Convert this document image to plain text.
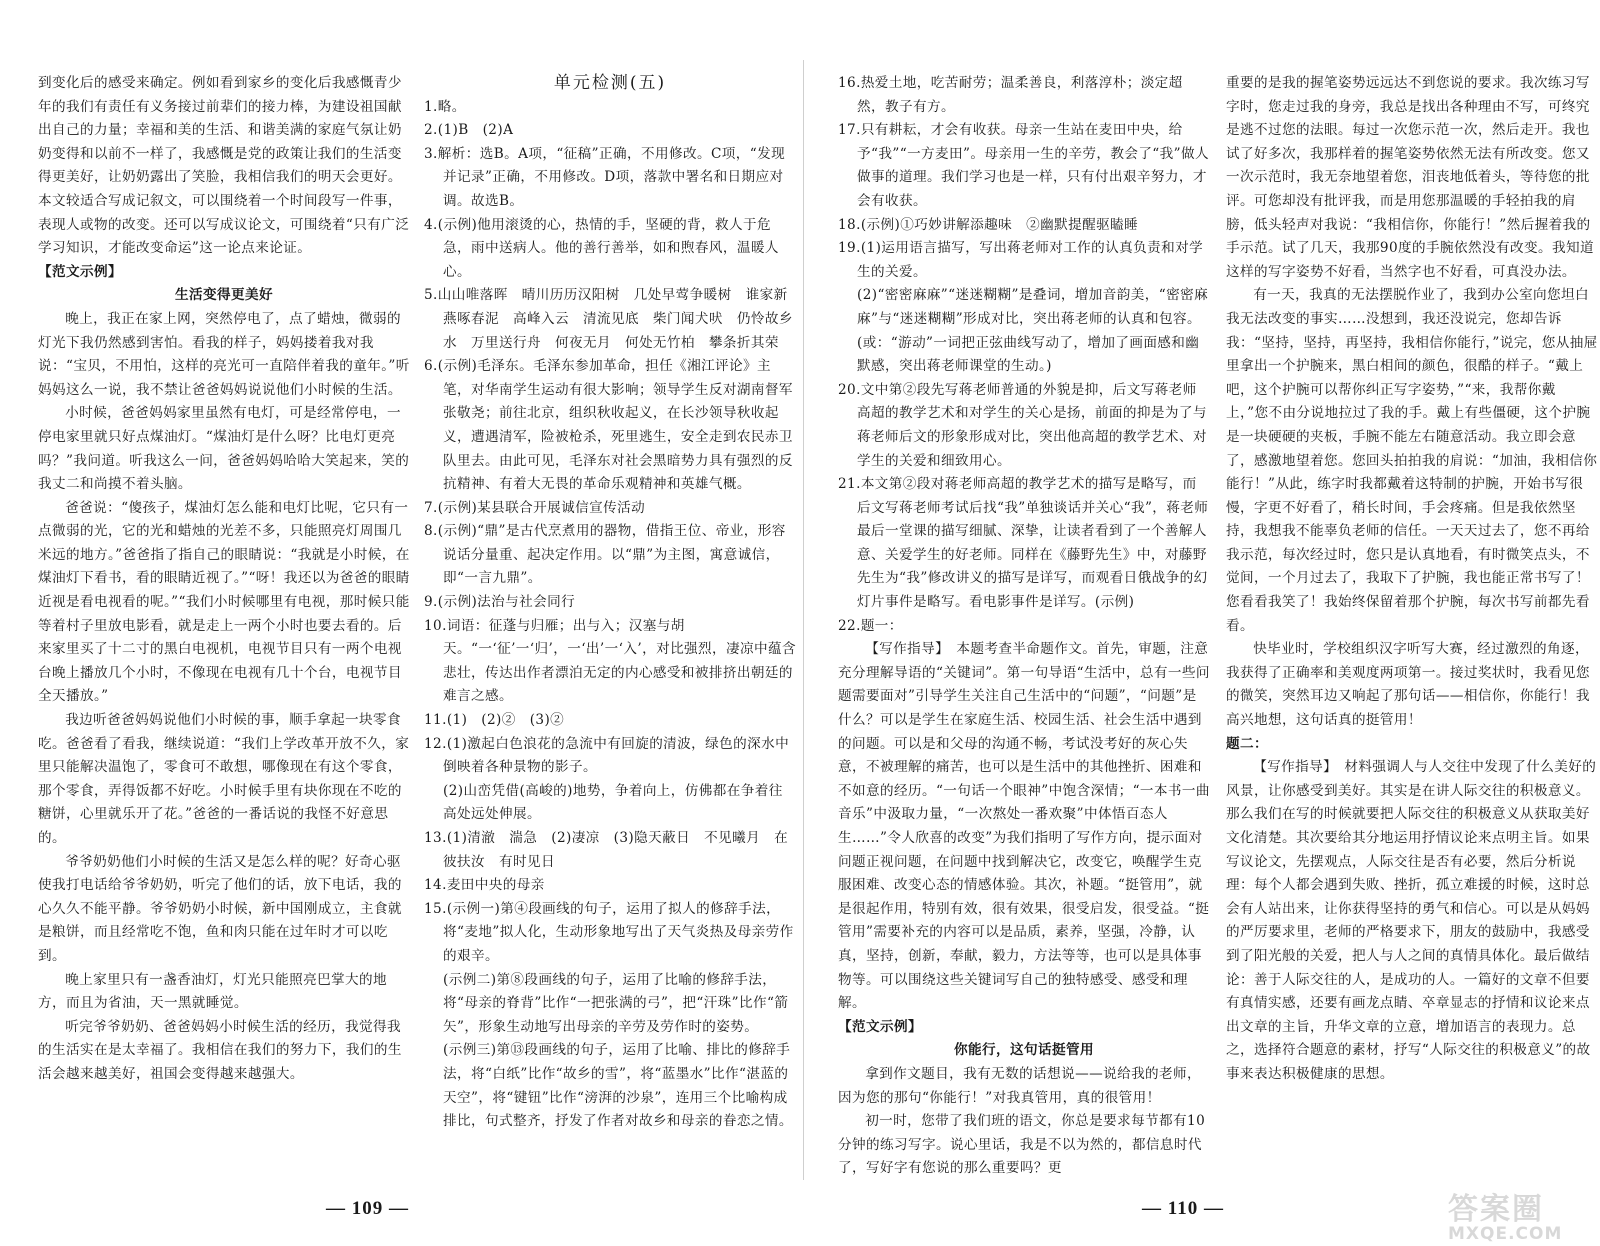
到变化后的感受来确定。例如看到家乡的变化后我感慨青少年的我们有责任有义务接过前辈们的接力棒，为建设祖国献出自己的力量；幸福和美的生活、和谐美满的家庭气氛让奶奶变得和以前不一样了，我感慨是党的政策让我们的生活变得更美好，让奶奶露出了笑脸，我相信我们的明天会更好。本文较适合写成记叙文，可以围绕着一个时间段写一件事，表现人或物的改变。还可以写成议论文，可围绕着“只有广泛学习知识，才能改变命运”这一论点来论证。

【范文示例】

生活变得更美好

晚上，我正在家上网，突然停电了，点了蜡烛，微弱的灯光下我仍然感到害怕。看我的样子，妈妈搂着我对我说：“宝贝，不用怕，这样的亮光可一直陪伴着我的童年。”听妈妈这么一说，我不禁让爸爸妈妈说说他们小时候的生活。

小时候，爸爸妈妈家里虽然有电灯，可是经常停电，一停电家里就只好点煤油灯。“煤油灯是什么呀？比电灯更亮吗？”我问道。听我这么一问，爸爸妈妈哈哈大笑起来，笑的我丈二和尚摸不着头脑。

爸爸说：“傻孩子，煤油灯怎么能和电灯比呢，它只有一点微弱的光，它的光和蜡烛的光差不多，只能照亮灯周围几米远的地方。”爸爸指了指自己的眼睛说：“我就是小时候，在煤油灯下看书，看的眼睛近视了。”“呀！我还以为爸爸的眼睛近视是看电视看的呢。”“我们小时候哪里有电视，那时候只能等着村子里放电影看，就是走上一两个小时也要去看的。后来家里买了十二寸的黑白电视机，电视节目只有一两个电视台晚上播放几个小时，不像现在电视有几十个台，电视节目全天播放。”

我边听爸爸妈妈说他们小时候的事，顺手拿起一块零食吃。爸爸看了看我，继续说道：“我们上学改革开放不久，家里只能解决温饱了，零食可不敢想，哪像现在有这个零食，那个零食，弄得饭都不好吃。小时候手里有块你现在不吃的糖饼，心里就乐开了花。”爸爸的一番话说的我怪不好意思的。

爷爷奶奶他们小时候的生活又是怎么样的呢？好奇心驱使我打电话给爷爷奶奶，听完了他们的话，放下电话，我的心久久不能平静。爷爷奶奶小时候，新中国刚成立，主食就是粮饼，而且经常吃不饱，鱼和肉只能在过年时才可以吃到。

晚上家里只有一盏香油灯，灯光只能照亮巴掌大的地方，而且为省油，天一黑就睡觉。

听完爷爷奶奶、爸爸妈妈小时候生活的经历，我觉得我的生活实在是太幸福了。我相信在我们的努力下，我们的生活会越来越美好，祖国会变得越来越强大。

单元检测(五)

1.略。

2.(1)B　(2)A

3.解析：选B。A项，“征稿”正确，不用修改。C项，“发现并记录”正确，不用修改。D项，落款中署名和日期应对调。故选B。

4.(示例)他用滚烫的心，热情的手，坚硬的背，救人于危急，雨中送病人。他的善行善举，如和煦春风，温暖人心。

5.山山唯落晖　晴川历历汉阳树　几处早莺争暖树　谁家新燕啄春泥　高峰入云　清流见底　柴门闻犬吠　仍怜故乡水　万里送行舟　何夜无月　何处无竹柏　攀条折其荣

6.(示例)毛泽东。毛泽东参加革命，担任《湘江评论》主笔，对华南学生运动有很大影响；领导学生反对湖南督军张敬尧；前往北京，组织秋收起义，在长沙领导秋收起义，遭遇清军，险被枪杀，死里逃生，安全走到农民赤卫队里去。由此可见，毛泽东对社会黑暗势力具有强烈的反抗精神、有着大无畏的革命乐观精神和英雄气概。

7.(示例)某县联合开展诚信宣传活动

8.(示例)“鼎”是古代烹煮用的器物，借指王位、帝业，形容说话分量重、起决定作用。以“鼎”为主图，寓意诚信，即“一言九鼎”。

9.(示例)法治与社会同行

10.词语：征蓬与归雁；出与入；汉塞与胡天。“一‘征’一‘归’，一‘出’一‘入’，对比强烈，凄凉中蕴含悲壮，传达出作者漂泊无定的内心感受和被排挤出朝廷的难言之感。

11.(1)　(2)②　(3)②

12.(1)激起白色浪花的急流中有回旋的清波，绿色的深水中倒映着各种景物的影子。

(2)山峦凭借(高峻的)地势，争着向上，仿佛都在争着往高处远处伸展。

13.(1)清澈　湍急　(2)凄凉　(3)隐天蔽日　不见曦月　在彼扶汝　有时见日

14.麦田中央的母亲

15.(示例一)第④段画线的句子，运用了拟人的修辞手法，将“麦地”拟人化，生动形象地写出了天气炎热及母亲劳作的艰辛。

(示例二)第⑧段画线的句子，运用了比喻的修辞手法，将“母亲的脊背”比作“一把张满的弓”，把“汗珠”比作“箭矢”，形象生动地写出母亲的辛劳及劳作时的姿势。

(示例三)第⑬段画线的句子，运用了比喻、排比的修辞手法，将“白纸”比作“故乡的雪”，将“蓝墨水”比作“湛蓝的天空”，将“键钮”比作“滂湃的沙泉”，连用三个比喻构成排比，句式整齐，抒发了作者对故乡和母亲的眷恋之情。

16.热爱土地，吃苦耐劳；温柔善良，利落淳朴；淡定超然，教子有方。

17.只有耕耘，才会有收获。母亲一生站在麦田中央，给予“我”“一方麦田”。母亲用一生的辛劳，教会了“我”做人做事的道理。我们学习也是一样，只有付出艰辛努力，才会有收获。

18.(示例)①巧妙讲解添趣味　②幽默提醒驱瞌睡

19.(1)运用语言描写，写出蒋老师对工作的认真负责和对学生的关爱。

(2)“密密麻麻”“迷迷糊糊”是叠词，增加音韵美，“密密麻麻”与“迷迷糊糊”形成对比，突出蒋老师的认真和包容。(或：“游动”一词把正弦曲线写动了，增加了画面感和幽默感，突出蒋老师课堂的生动。)

20.文中第②段先写蒋老师普通的外貌是抑，后文写蒋老师高超的教学艺术和对学生的关心是扬，前面的抑是为了与蒋老师后文的形象形成对比，突出他高超的教学艺术、对学生的关爱和细致用心。

21.本文第②段对蒋老师高超的教学艺术的描写是略写，而后文写蒋老师考试后找“我”单独谈话并关心“我”，蒋老师最后一堂课的描写细腻、深挚，让读者看到了一个善解人意、关爱学生的好老师。同样在《藤野先生》中，对藤野先生为“我”修改讲义的描写是详写，而观看日俄战争的幻灯片事件是略写。看电影事件是详写。(示例)

22.题一：

【写作指导】　本题考查半命题作文。首先，审题，注意充分理解导语的“关键词”。第一句导语“生活中，总有一些问题需要面对”引导学生关注自己生活中的“问题”，“问题”是什么？可以是学生在家庭生活、校园生活、社会生活中遇到的问题。可以是和父母的沟通不畅，考试没考好的灰心失意，不被理解的痛苦，也可以是生活中的其他挫折、困难和不如意的经历。“一句话一个眼神”中饱含深情；“一本书一曲音乐”中汲取力量，“一次熬处一番欢聚”中体悟百态人生……”令人欣喜的改变”为我们指明了写作方向，提示面对问题正视问题，在问题中找到解决它，改变它，唤醒学生克服困难、改变心态的情感体验。其次，补题。“挺管用”，就是很起作用，特别有效，很有效果，很受启发，很受益。“挺管用”需要补充的内容可以是品质，素养，坚强，冷静，认真，坚持，创新，奉献，毅力，方法等等，也可以是具体事物等。可以围绕这些关键词写自己的独特感受、感受和理解。

【范文示例】

你能行，这句话挺管用

拿到作文题目，我有无数的话想说——说给我的老师，因为您的那句“你能行！”对我真管用，真的很管用！

初一时，您带了我们班的语文，你总是要求每节都有10分钟的练习写字。说心里话，我是不以为然的，都信息时代了，写好字有您说的那么重要吗？更

重要的是我的握笔姿势远远达不到您说的要求。我次练习写字时，您走过我的身旁，我总是找出各种理由不写，可终究是逃不过您的法眼。每过一次您示范一次，然后走开。我也试了好多次，我那样着的握笔姿势依然无法有所改变。您又一次示范时，我无奈地望着您，泪丧地低着头，等待您的批评。可您却没有批评我，而是用您那温暖的手轻拍我的肩膀，低头轻声对我说：“我相信你，你能行！”然后握着我的手示范。试了几天，我那90度的手腕依然没有改变。我知道这样的写字姿势不好看，当然字也不好看，可真没办法。

有一天，我真的无法摆脱作业了，我到办公室向您坦白我无法改变的事实……没想到，我还没说完，您却告诉我：“坚持，坚持，再坚持，我相信你能行，”说完，您从抽屉里拿出一个护腕来，黑白相间的颜色，很酷的样子。“戴上吧，这个护腕可以帮你纠正写字姿势，”“来，我帮你戴上，”您不由分说地拉过了我的手。戴上有些僵硬，这个护腕是一块硬硬的夹板，手腕不能左右随意活动。我立即会意了，感激地望着您。您回头拍拍我的肩说：“加油，我相信你能行！”从此，练字时我都戴着这特制的护腕，开始书写很慢，字更不好看了，稍长时间，手会疼痛。但是我依然坚持，我想我不能辜负老师的信任。一天天过去了，您不再给我示范，每次经过时，您只是认真地看，有时微笑点头，不觉间，一个月过去了，我取下了护腕，我也能正常书写了！您看看我笑了！我始终保留着那个护腕，每次书写前都先看看。

快毕业时，学校组织汉字听写大赛，经过激烈的角逐，我获得了正确率和美观度两项第一。接过奖状时，我看见您的微笑，突然耳边又响起了那句话——相信你，你能行！我高兴地想，这句话真的挺管用！

题二：

【写作指导】　材料强调人与人交往中发现了什么美好的风景，让你感受到美好。其实是在讲人际交往的积极意义。那么我们在写的时候就要把人际交往的积极意义从获取美好文化清楚。其次要给其分地运用抒情议论来点明主旨。如果写议论文，先摆观点，人际交往是否有必要，然后分析说理：每个人都会遇到失败、挫折，孤立难援的时候，这时总会有人站出来，让你获得坚持的勇气和信心。可以是从妈妈的严厉要求里，老师的严格要求下，朋友的鼓励中，我感受到了阳光般的关爱，把人与人之间的真情具体化。最后做结论：善于人际交往的人，是成功的人。一篇好的文章不但要有真情实感，还要有画龙点睛、卒章显志的抒情和议论来点出文章的主旨，升华文章的立意，增加语言的表现力。总之，选择符合题意的素材，抒写“人际交往的积极意义”的故事来表达积极健康的思想。

— 109 —	— 110 —	答案圈
MXQE.COM
